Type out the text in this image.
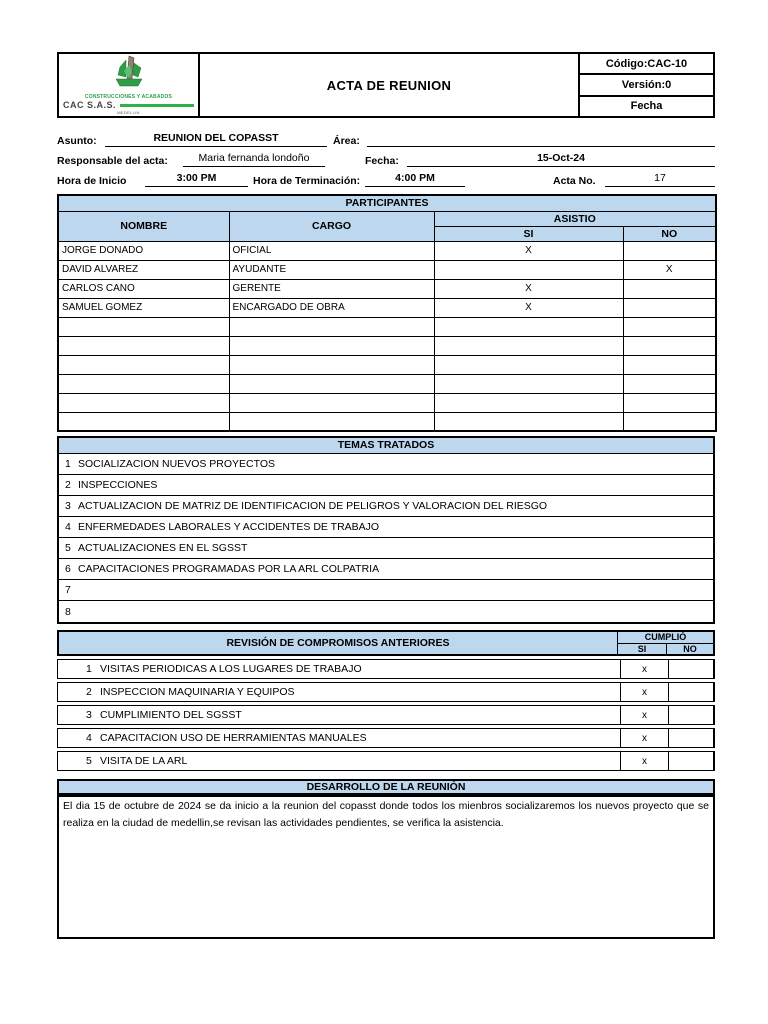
CONSTRUCCIONES Y ACABADOS
CAC S.A.S.
MEDELLIN
ACTA DE REUNION
Código:CAC-10
Versión:0
Fecha
Asunto:	REUNION DEL COPASST	Área:
Responsable del acta:	Maria fernanda londoño	Fecha:	15-Oct-24
Hora de Inicio	3:00 PM	Hora de Terminación:	4:00 PM	Acta No.	17
PARTICIPANTES			
NOMBRE	CARGO	ASISTIO	
		SI	NO
JORGE DONADO	OFICIAL	X	
DAVID ALVAREZ	AYUDANTE		X
CARLOS CANO	GERENTE	X	
SAMUEL GOMEZ	ENCARGADO DE OBRA	X	

TEMAS TRATADOS
1 SOCIALIZACION NUEVOS PROYECTOS
2 INSPECCIONES
3 ACTUALIZACION DE MATRIZ DE IDENTIFICACION DE PELIGROS Y VALORACION DEL RIESGO
4 ENFERMEDADES LABORALES Y ACCIDENTES DE TRABAJO
5 ACTUALIZACIONES EN EL SGSST
6 CAPACITACIONES PROGRAMADAS POR LA ARL COLPATRIA
7
8
REVISIÓN DE COMPROMISOS ANTERIORES	CUMPLIÓ
SI	NO
1 VISITAS PERIODICAS A LOS LUGARES DE TRABAJO	x
2 INSPECCION MAQUINARIA Y EQUIPOS	x
3 CUMPLIMIENTO DEL SGSST	x
4 CAPACITACION USO DE HERRAMIENTAS MANUALES	x
5 VISITA DE LA ARL	x
DESARROLLO DE LA REUNIÓN

El dia 15 de octubre de 2024 se da inicio a la reunion del copasst donde todos los mienbros socializaremos los nuevos proyecto que se realiza en la ciudad de medellin,se revisan las actividades pendientes, se verifica la asistencia.
